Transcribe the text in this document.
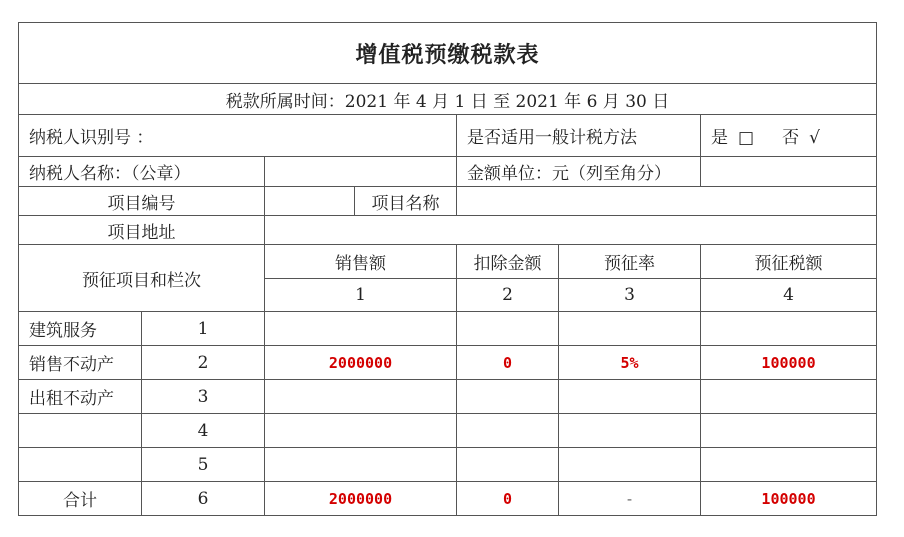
增值税预缴税款表						
税款所属时间：2021 年 4 月 1 日 至 2021 年 6 月 30 日						
纳税人识别号 ：				是否适用一般计税方法		是 □ 否 √
纳税人名称：（公章）				金额单位：元（列至角分）		
项目编号			项目名称			
项目地址						
预征项目和栏次		销售额		扣除金额	预征率	预征税额
		1		2	3	4
建筑服务	1					
销售不动产	2	2000000		0	5%	100000
出租不动产	3					
	4					
	5					
合计	6	2000000		0	-	100000
